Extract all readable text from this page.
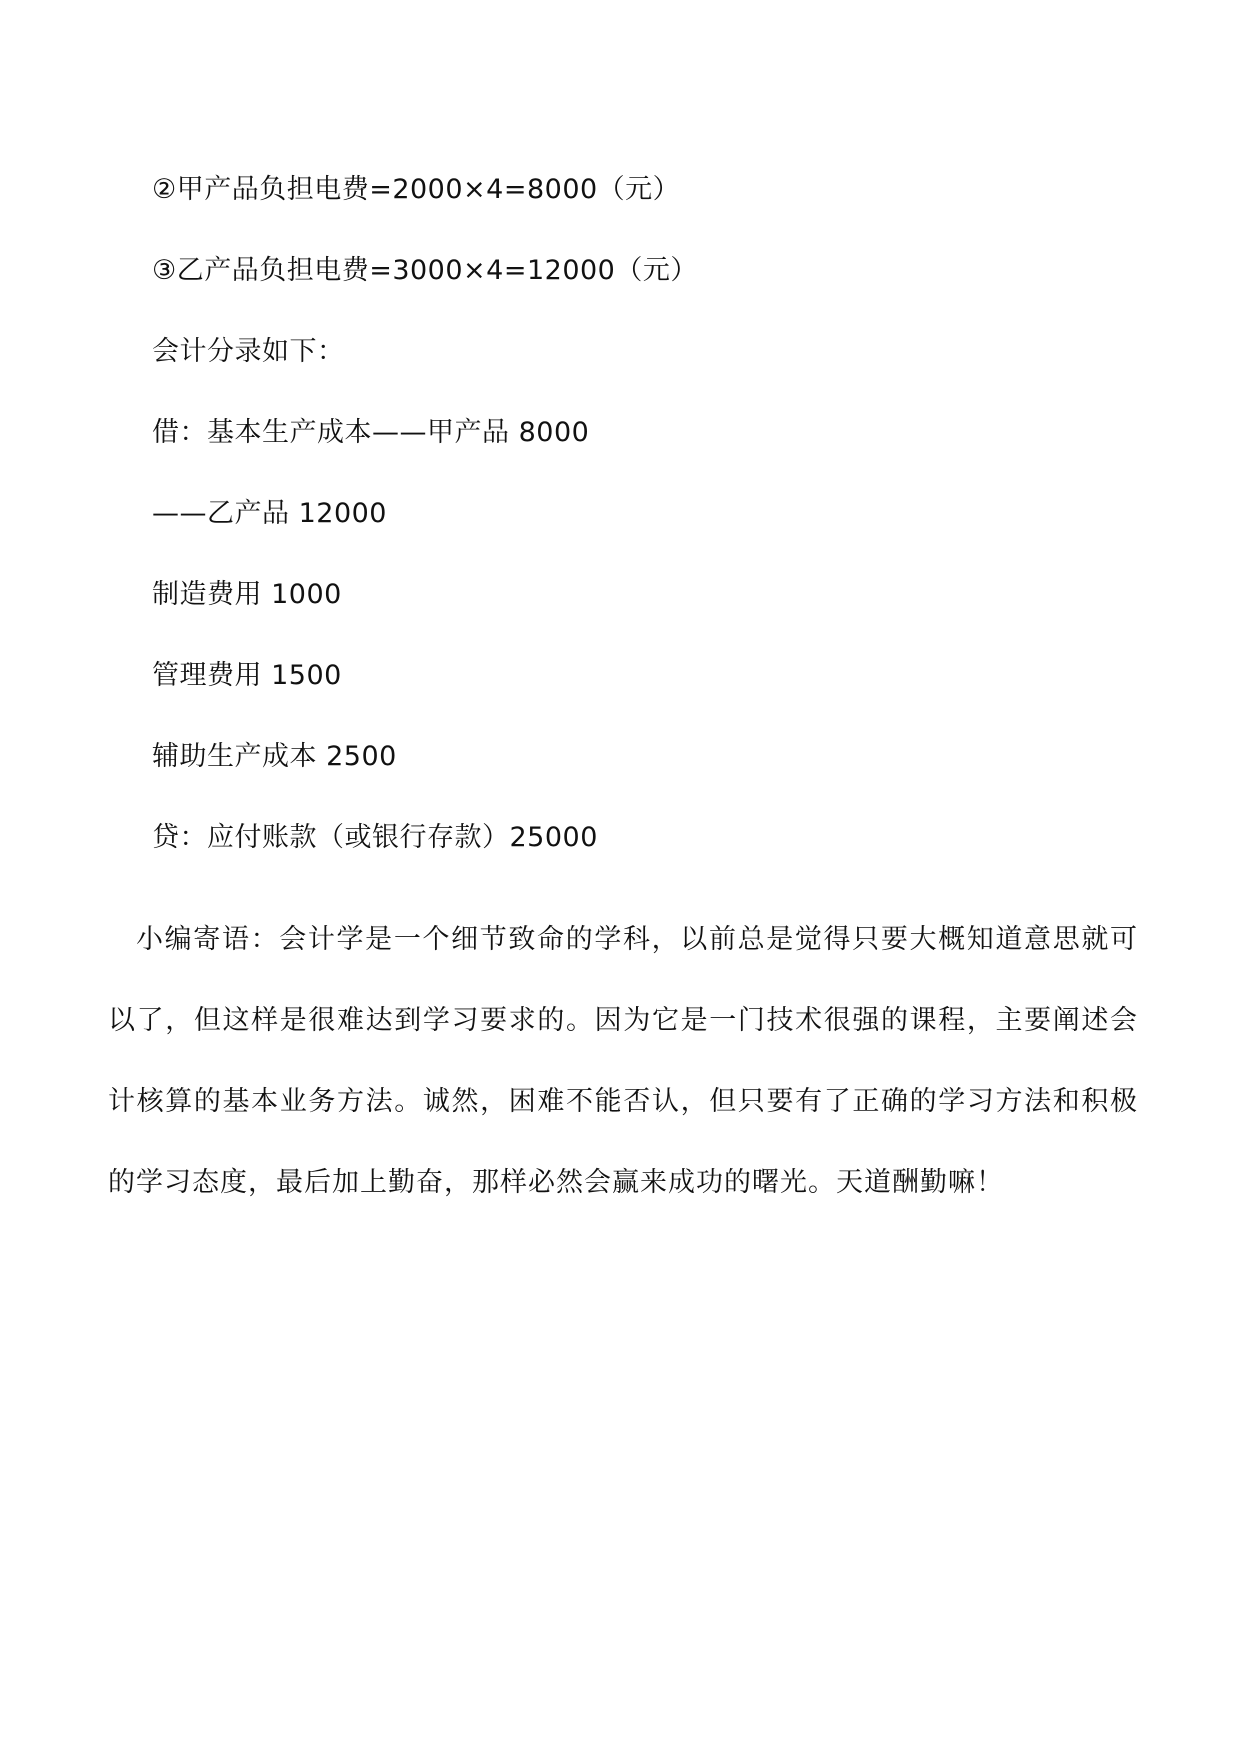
②甲产品负担电费=2000×4=8000（元）
③乙产品负担电费=3000×4=12000（元）
会计分录如下：
借：基本生产成本——甲产品 8000
——乙产品 12000
制造费用 1000
管理费用 1500
辅助生产成本 2500
贷：应付账款（或银行存款）25000
小编寄语：会计学是一个细节致命的学科，以前总是觉得只要大概知道意思就可以了，但这样是很难达到学习要求的。因为它是一门技术很强的课程，主要阐述会计核算的基本业务方法。诚然，困难不能否认，但只要有了正确的学习方法和积极的学习态度，最后加上勤奋，那样必然会赢来成功的曙光。天道酬勤嘛！
